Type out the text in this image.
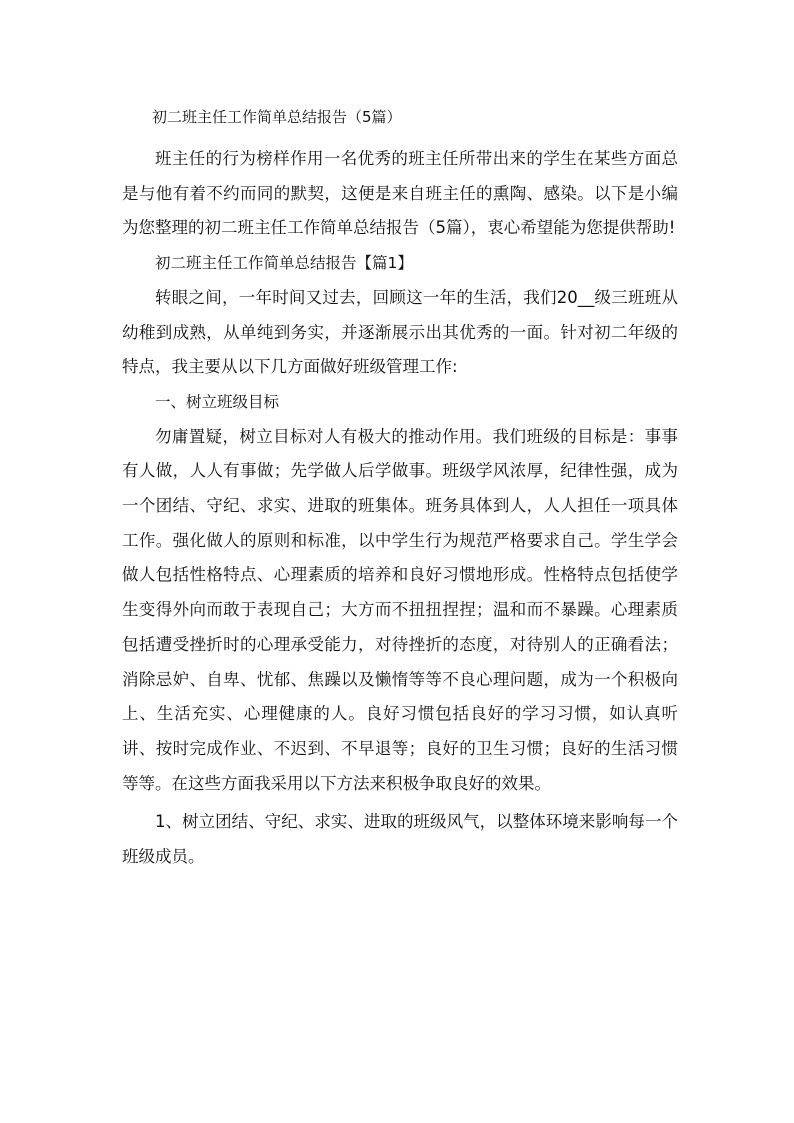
初二班主任工作简单总结报告（5篇）

班主任的行为榜样作用一名优秀的班主任所带出来的学生在某些方面总是与他有着不约而同的默契，这便是来自班主任的熏陶、感染。以下是小编为您整理的初二班主任工作简单总结报告（5篇），衷心希望能为您提供帮助!

初二班主任工作简单总结报告【篇1】

转眼之间，一年时间又过去，回顾这一年的生活，我们20__级三班班从幼稚到成熟，从单纯到务实，并逐渐展示出其优秀的一面。针对初二年级的特点，我主要从以下几方面做好班级管理工作:

一、树立班级目标

勿庸置疑，树立目标对人有极大的推动作用。我们班级的目标是：事事有人做，人人有事做；先学做人后学做事。班级学风浓厚，纪律性强，成为一个团结、守纪、求实、进取的班集体。班务具体到人，人人担任一项具体工作。强化做人的原则和标准，以中学生行为规范严格要求自己。学生学会做人包括性格特点、心理素质的培养和良好习惯地形成。性格特点包括使学生变得外向而敢于表现自己；大方而不扭扭捏捏；温和而不暴躁。心理素质包括遭受挫折时的心理承受能力，对待挫折的态度，对待别人的正确看法；消除忌妒、自卑、忧郁、焦躁以及懒惰等等不良心理问题，成为一个积极向上、生活充实、心理健康的人。良好习惯包括良好的学习习惯，如认真听讲、按时完成作业、不迟到、不早退等；良好的卫生习惯；良好的生活习惯等等。在这些方面我采用以下方法来积极争取良好的效果。

1、树立团结、守纪、求实、进取的班级风气，以整体环境来影响每一个班级成员。
